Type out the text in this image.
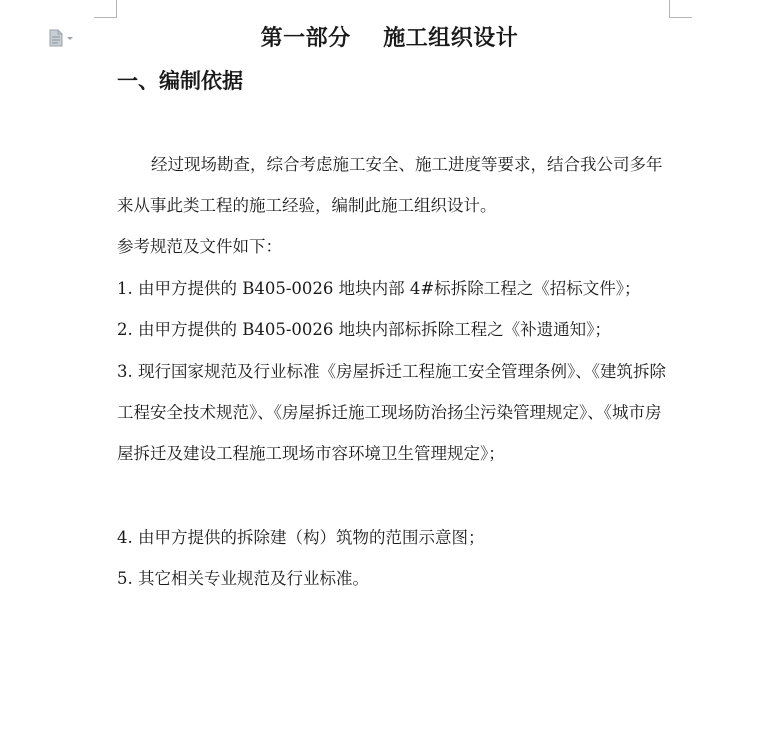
第一部分    施工组织设计
一、编制依据
经过现场勘查，综合考虑施工安全、施工进度等要求，结合我公司多年来从事此类工程的施工经验，编制此施工组织设计。
参考规范及文件如下：
1. 由甲方提供的 B405-0026 地块内部 4#标拆除工程之《招标文件》；
2. 由甲方提供的 B405-0026 地块内部标拆除工程之《补遗通知》；
3. 现行国家规范及行业标准《房屋拆迁工程施工安全管理条例》、《建筑拆除工程安全技术规范》、《房屋拆迁施工现场防治扬尘污染管理规定》、《城市房屋拆迁及建设工程施工现场市容环境卫生管理规定》；
4. 由甲方提供的拆除建（构）筑物的范围示意图；
5. 其它相关专业规范及行业标准。
